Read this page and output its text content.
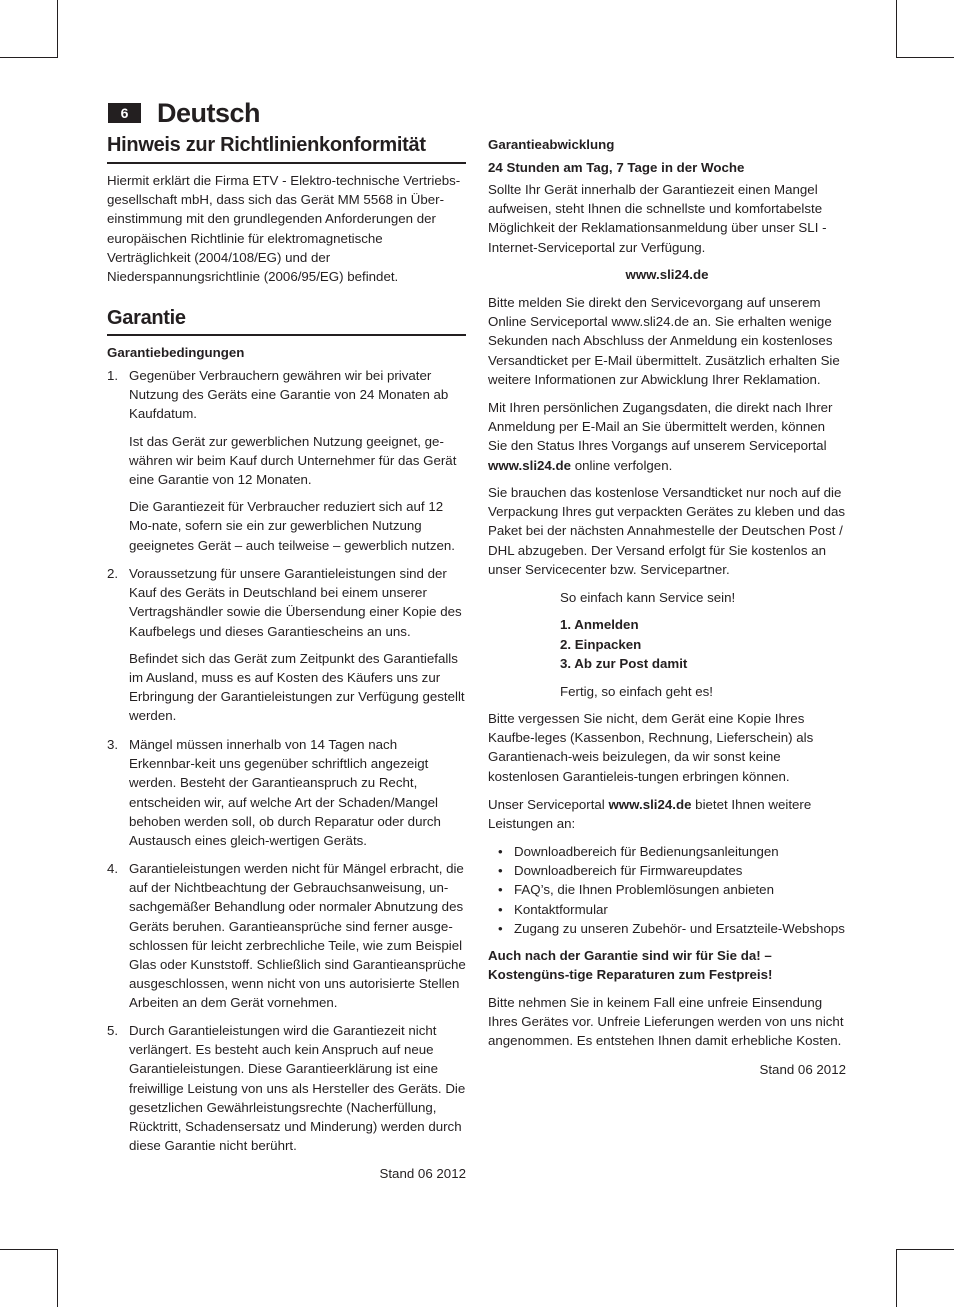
6	Deutsch
Hinweis zur Richtlinienkonformität

Hiermit erklärt die Firma ETV - Elektro-technische Vertriebs-gesellschaft mbH, dass sich das Gerät MM 5568 in Über-einstimmung mit den grundlegenden Anforderungen der europäischen Richtlinie für elektromagnetische Verträglichkeit (2004/108/EG) und der Niederspannungsrichtlinie (2006/95/EG) befindet.

Garantie

Garantiebedingungen

1. Gegenüber Verbrauchern gewähren wir bei privater Nutzung des Geräts eine Garantie von 24 Monaten ab Kaufdatum.

Ist das Gerät zur gewerblichen Nutzung geeignet, ge-währen wir beim Kauf durch Unternehmer für das Gerät eine Garantie von 12 Monaten.

Die Garantiezeit für Verbraucher reduziert sich auf 12 Mo-nate, sofern sie ein zur gewerblichen Nutzung geeignetes Gerät – auch teilweise – gewerblich nutzen.

2. Voraussetzung für unsere Garantieleistungen sind der Kauf des Geräts in Deutschland bei einem unserer Vertragshändler sowie die Übersendung einer Kopie des Kaufbelegs und dieses Garantiescheins an uns.

Befindet sich das Gerät zum Zeitpunkt des Garantiefalls im Ausland, muss es auf Kosten des Käufers uns zur Erbringung der Garantieleistungen zur Verfügung gestellt werden.

3. Mängel müssen innerhalb von 14 Tagen nach Erkennbar-keit uns gegenüber schriftlich angezeigt werden. Besteht der Garantieanspruch zu Recht, entscheiden wir, auf welche Art der Schaden/Mangel behoben werden soll, ob durch Reparatur oder durch Austausch eines gleich-wertigen Geräts.

4. Garantieleistungen werden nicht für Mängel erbracht, die auf der Nichtbeachtung der Gebrauchsanweisung, un-sachgemäßer Behandlung oder normaler Abnutzung des Geräts beruhen. Garantieansprüche sind ferner ausge-schlossen für leicht zerbrechliche Teile, wie zum Beispiel Glas oder Kunststoff. Schließlich sind Garantieansprüche ausgeschlossen, wenn nicht von uns autorisierte Stellen Arbeiten an dem Gerät vornehmen.

5. Durch Garantieleistungen wird die Garantiezeit nicht verlängert. Es besteht auch kein Anspruch auf neue Garantieleistungen. Diese Garantieerklärung ist eine freiwillige Leistung von uns als Hersteller des Geräts. Die gesetzlichen Gewährleistungsrechte (Nacherfüllung, Rücktritt, Schadensersatz und Minderung) werden durch diese Garantie nicht berührt.

Stand 06 2012

Garantieabwicklung

24 Stunden am Tag, 7 Tage in der Woche

Sollte Ihr Gerät innerhalb der Garantiezeit einen Mangel aufweisen, steht Ihnen die schnellste und komfortabelste Möglichkeit der Reklamationsanmeldung über unser SLI - Internet-Serviceportal zur Verfügung.

www.sli24.de

Bitte melden Sie direkt den Servicevorgang auf unserem Online Serviceportal www.sli24.de an. Sie erhalten wenige Sekunden nach Abschluss der Anmeldung ein kostenloses Versandticket per E-Mail übermittelt. Zusätzlich erhalten Sie weitere Informationen zur Abwicklung Ihrer Reklamation.

Mit Ihren persönlichen Zugangsdaten, die direkt nach Ihrer Anmeldung per E-Mail an Sie übermittelt werden, können Sie den Status Ihres Vorgangs auf unserem Serviceportal www.sli24.de online verfolgen.

Sie brauchen das kostenlose Versandticket nur noch auf die Verpackung Ihres gut verpackten Gerätes zu kleben und das Paket bei der nächsten Annahmestelle der Deutschen Post / DHL abzugeben. Der Versand erfolgt für Sie kostenlos an unser Servicecenter bzw. Servicepartner.

So einfach kann Service sein!

1. Anmelden

2. Einpacken

3. Ab zur Post damit

Fertig, so einfach geht es!

Bitte vergessen Sie nicht, dem Gerät eine Kopie Ihres Kaufbe-leges (Kassenbon, Rechnung, Lieferschein) als Garantienach-weis beizulegen, da wir sonst keine kostenlosen Garantieleis-tungen erbringen können.

Unser Serviceportal www.sli24.de bietet Ihnen weitere Leistungen an:

• Downloadbereich für Bedienungsanleitungen
• Downloadbereich für Firmwareupdates
• FAQ’s, die Ihnen Problemlösungen anbieten
• Kontaktformular
• Zugang zu unseren Zubehör- und Ersatzteile-Webshops

Auch nach der Garantie sind wir für Sie da! – Kostengüns-tige Reparaturen zum Festpreis!

Bitte nehmen Sie in keinem Fall eine unfreie Einsendung Ihres Gerätes vor. Unfreie Lieferungen werden von uns nicht angenommen. Es entstehen Ihnen damit erhebliche Kosten.

Stand 06 2012
